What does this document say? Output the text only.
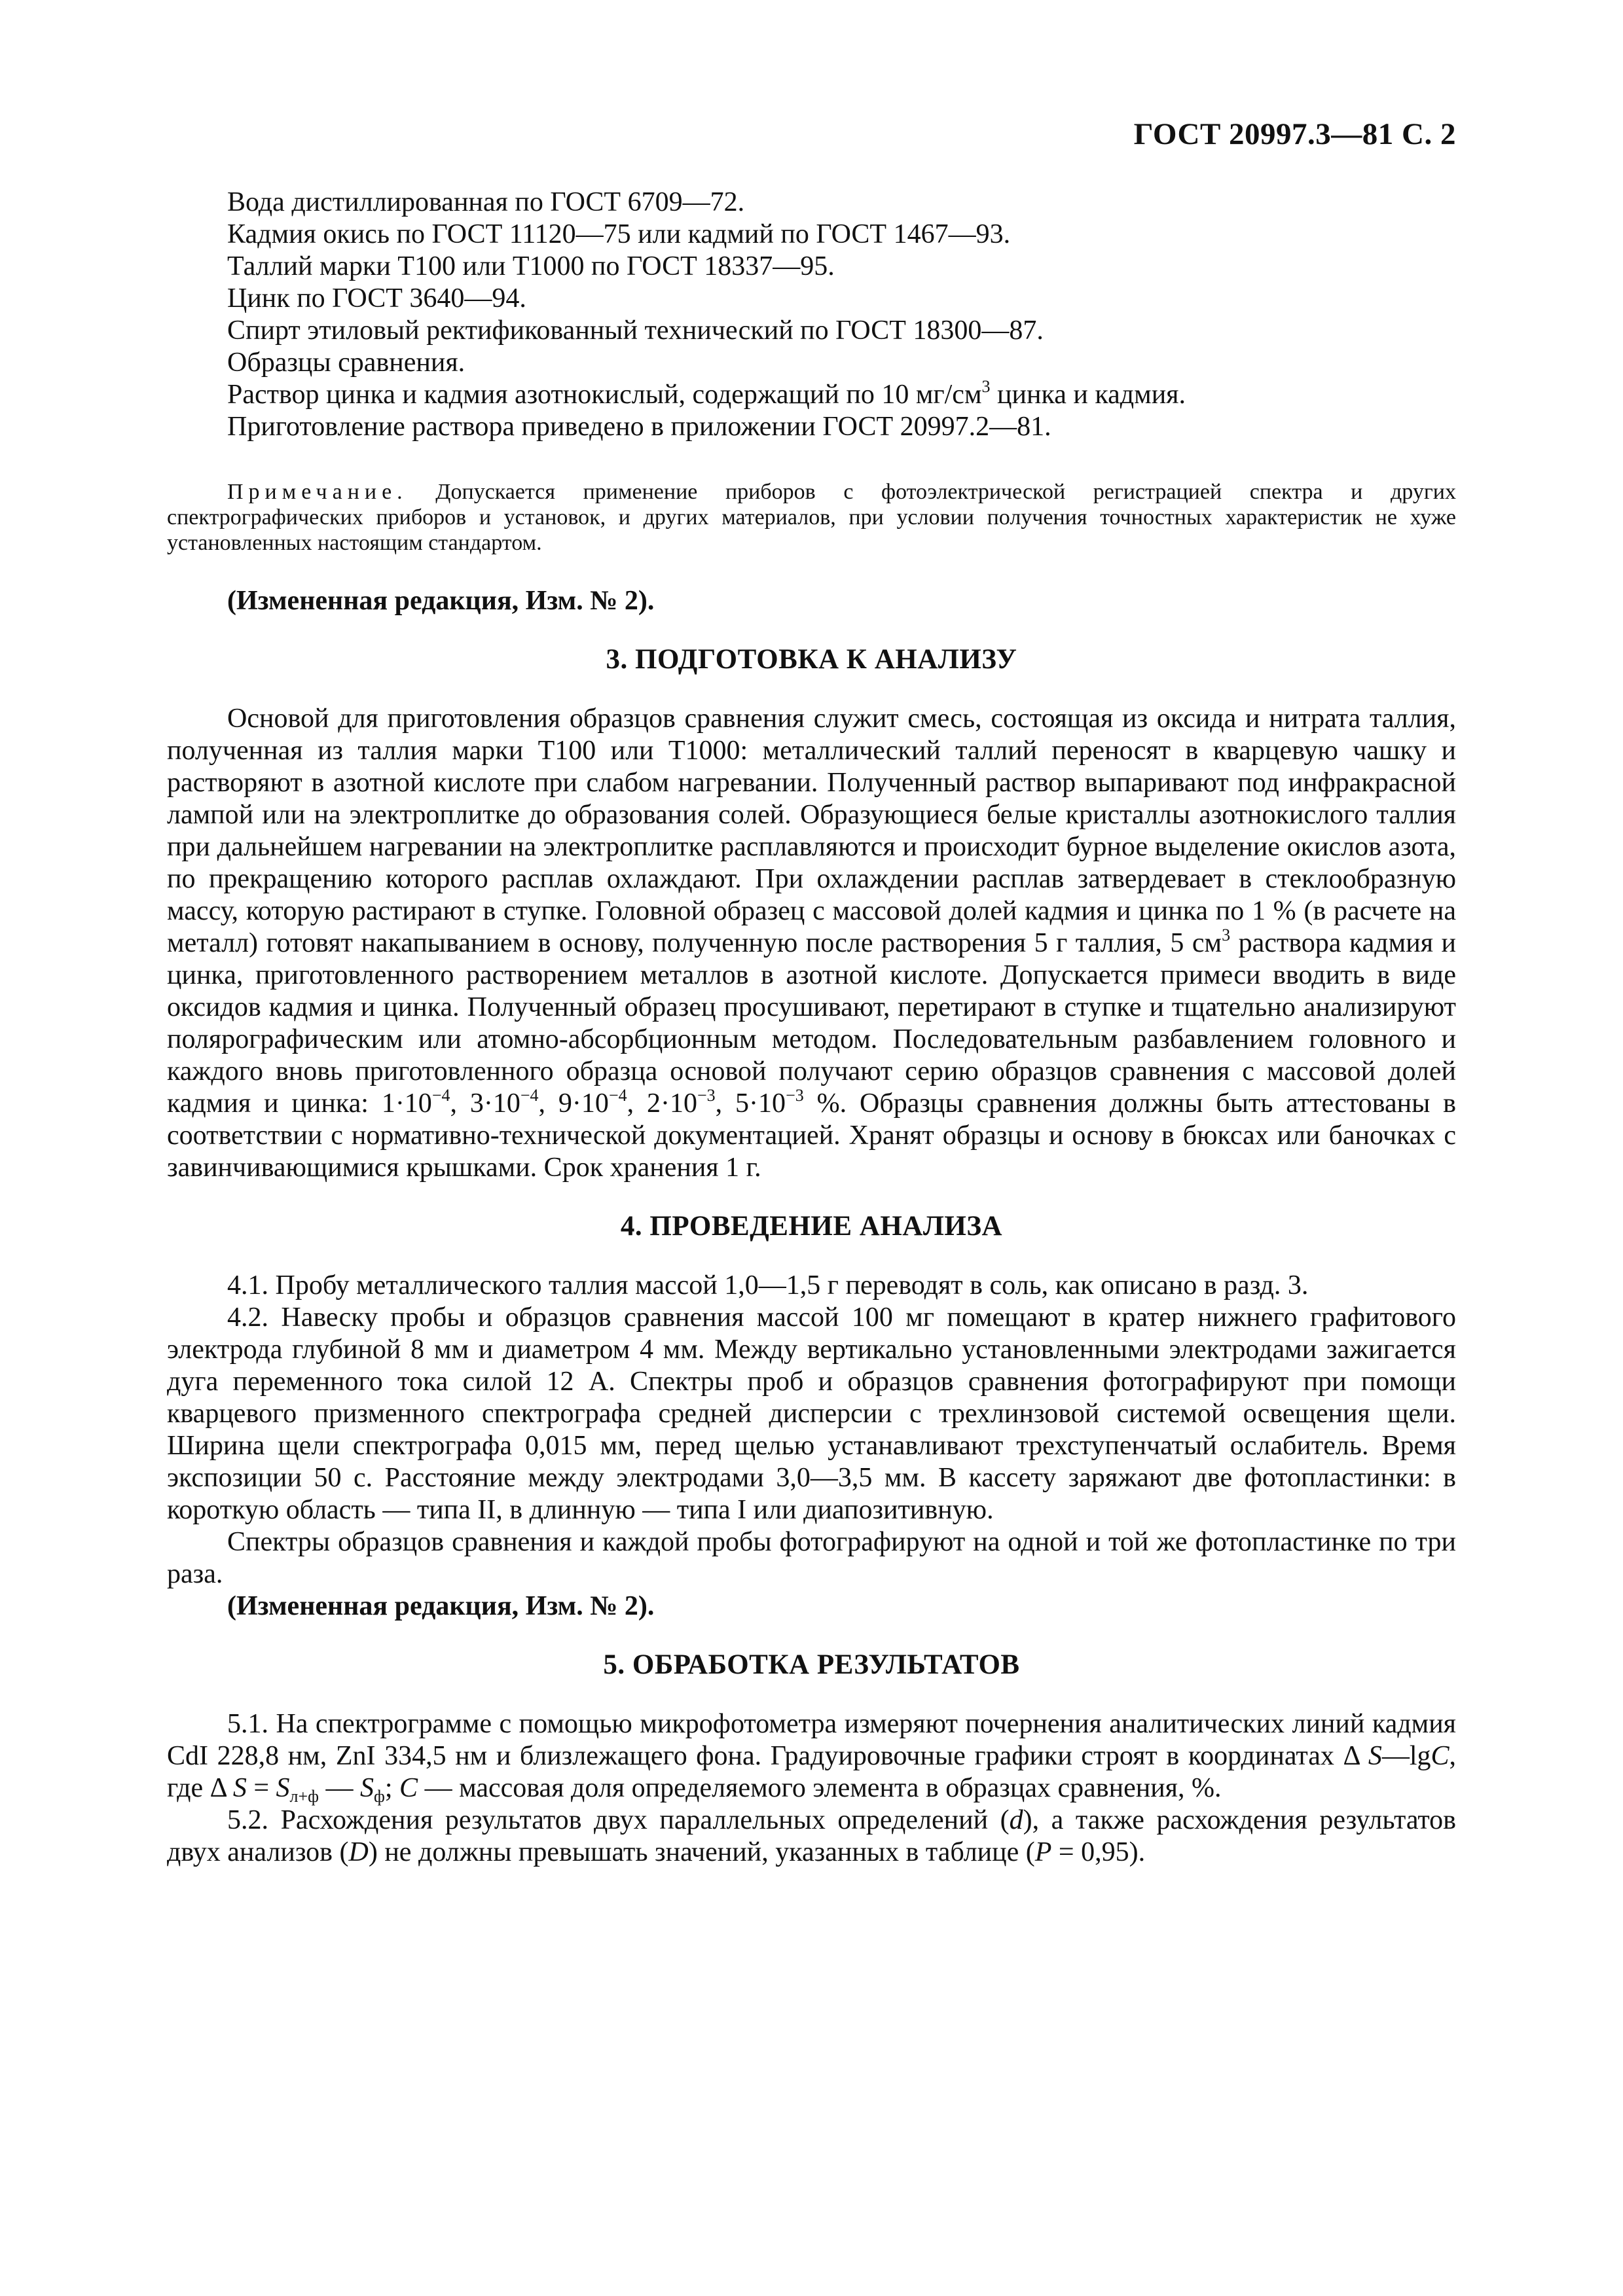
ГОСТ 20997.3—81 С. 2

Вода дистиллированная по ГОСТ 6709—72.

Кадмия окись по ГОСТ 11120—75 или кадмий по ГОСТ 1467—93.

Таллий марки Т100 или Т1000 по ГОСТ 18337—95.

Цинк по ГОСТ 3640—94.

Спирт этиловый ректификованный технический по ГОСТ 18300—87.

Образцы сравнения.

Раствор цинка и кадмия азотнокислый, содержащий по 10 $мг/см^3$ цинка и кадмия.

Приготовление раствора приведено в приложении ГОСТ 20997.2—81.

Примечание. Допускается применение приборов с фотоэлектрической регистрацией спектра и других спектрографических приборов и установок, и других материалов, при условии получения точностных характеристик не хуже установленных настоящим стандартом.

(Измененная редакция, Изм. № 2).

3. ПОДГОТОВКА К АНАЛИЗУ

Основой для приготовления образцов сравнения служит смесь, состоящая из оксида и нитрата таллия, полученная из таллия марки Т100 или Т1000: металлический таллий переносят в кварцевую чашку и растворяют в азотной кислоте при слабом нагревании. Полученный раствор выпаривают под инфракрасной лампой или на электроплитке до образования солей. Образующиеся белые кристаллы азотнокислого таллия при дальнейшем нагревании на электроплитке расплавляются и происходит бурное выделение окислов азота, по прекращению которого расплав охлаждают. При охлаждении расплав затвердевает в стеклообразную массу, которую растирают в ступке. Головной образец с массовой долей кадмия и цинка по 1 % (в расчете на металл) готовят накапыванием в основу, полученную после растворения 5 г таллия, 5 $см^3$ раствора кадмия и цинка, приготовленного растворением металлов в азотной кислоте. Допускается примеси вводить в виде оксидов кадмия и цинка. Полученный образец просушивают, перетирают в ступке и тщательно анализируют полярографическим или атомно-абсорбционным методом. Последовательным разбавлением головного и каждого вновь приготовленного образца основой получают серию образцов сравнения с массовой долей кадмия и цинка: $1\cdot 10^{-4}$, $3\cdot 10^{-4}$, $9\cdot 10^{-4}$, $2\cdot 10^{-3}$, $5\cdot 10^{-3}$ %. Образцы сравнения должны быть аттестованы в соответствии с нормативно-технической документацией. Хранят образцы и основу в бюксах или баночках с завинчивающимися крышками. Срок хранения 1 г.

4. ПРОВЕДЕНИЕ АНАЛИЗА

4.1. Пробу металлического таллия массой 1,0—1,5 г переводят в соль, как описано в разд. 3.

4.2. Навеску пробы и образцов сравнения массой 100 мг помещают в кратер нижнего графитового электрода глубиной 8 мм и диаметром 4 мм. Между вертикально установленными электродами зажигается дуга переменного тока силой 12 А. Спектры проб и образцов сравнения фотографируют при помощи кварцевого призменного спектрографа средней дисперсии с трехлинзовой системой освещения щели. Ширина щели спектрографа 0,015 мм, перед щелью устанавливают трехступенчатый ослабитель. Время экспозиции 50 с. Расстояние между электродами 3,0—3,5 мм. В кассету заряжают две фотопластинки: в короткую область — типа II, в длинную — типа I или диапозитивную.

Спектры образцов сравнения и каждой пробы фотографируют на одной и той же фотопластинке по три раза.

(Измененная редакция, Изм. № 2).

5. ОБРАБОТКА РЕЗУЛЬТАТОВ

5.1. На спектрограмме с помощью микрофотометра измеряют почернения аналитических линий кадмия CdI 228,8 нм, ZnI 334,5 нм и близлежащего фона. Градуировочные графики строят в координатах Δ S—lgC, где Δ $S = S_{л+ф}$ — $S_ф$; C — массовая доля определяемого элемента в образцах сравнения, %.

5.2. Расхождения результатов двух параллельных определений (d), а также расхождения результатов двух анализов (D) не должны превышать значений, указанных в таблице (P = 0,95).
